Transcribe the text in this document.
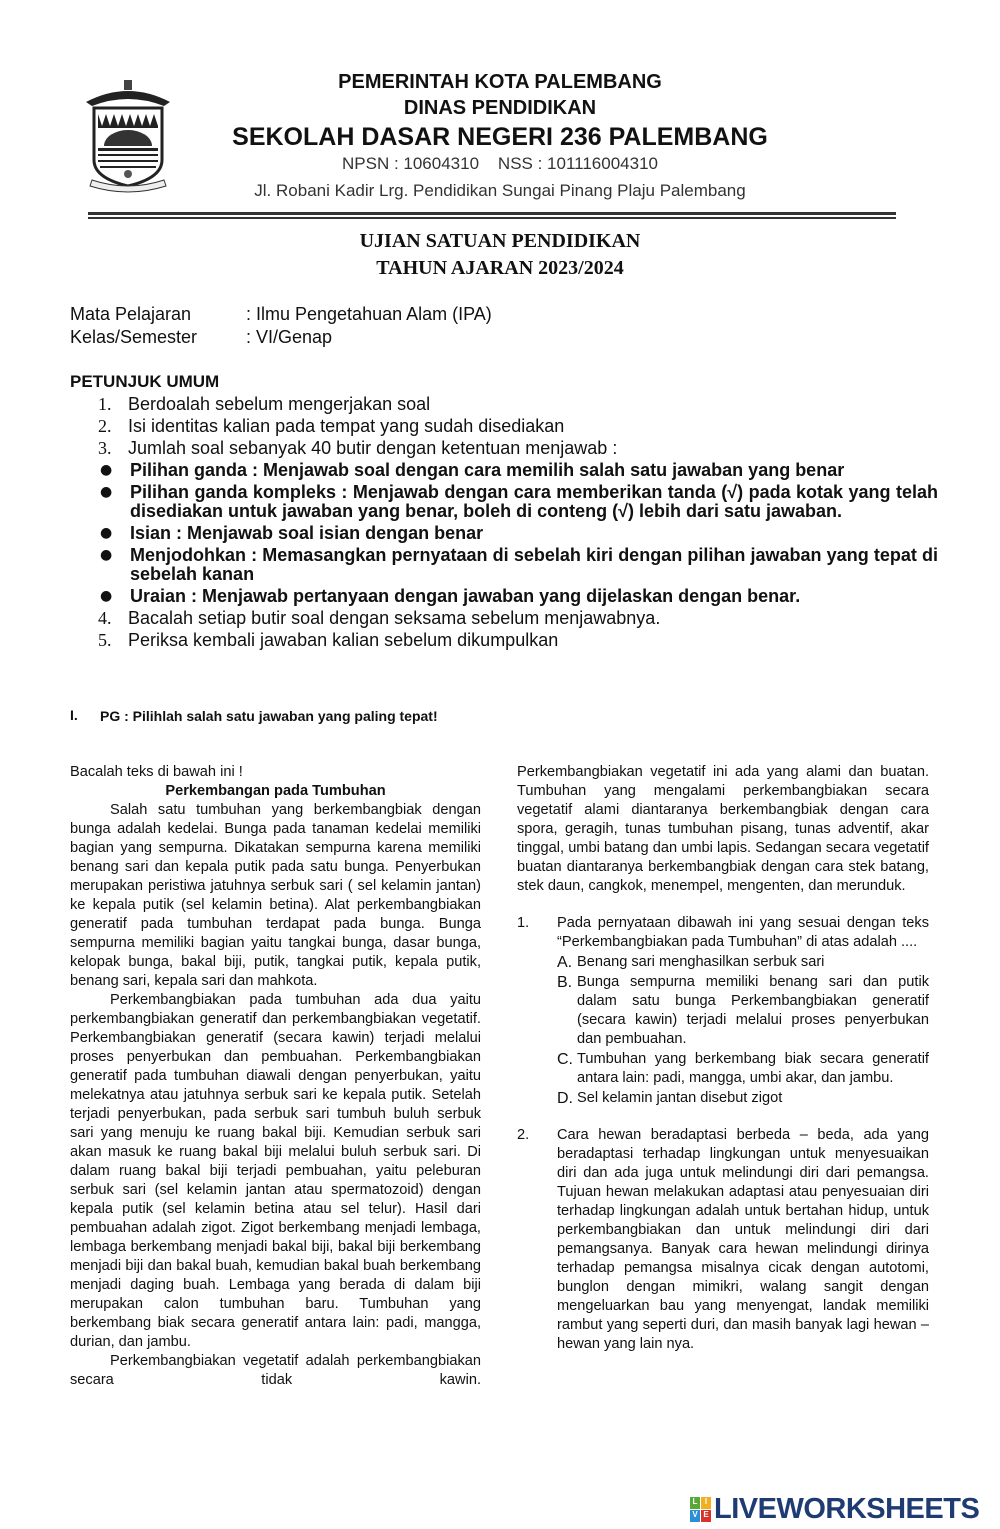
PEMERINTAH KOTA PALEMBANG
DINAS PENDIDIKAN
SEKOLAH DASAR NEGERI 236 PALEMBANG
NPSN : 10604310    NSS : 101116004310
Jl. Robani Kadir Lrg. Pendidikan Sungai Pinang Plaju Palembang
UJIAN SATUAN PENDIDIKAN
TAHUN AJARAN 2023/2024
Mata Pelajaran	: Ilmu Pengetahuan Alam (IPA)
Kelas/Semester	: VI/Genap
PETUNJUK UMUM
1. Berdoalah sebelum mengerjakan soal
2. Isi identitas kalian pada tempat yang sudah disediakan
3. Jumlah soal sebanyak 40 butir dengan ketentuan menjawab :
● Pilihan ganda : Menjawab soal dengan cara memilih salah satu jawaban yang benar
● Pilihan ganda kompleks : Menjawab dengan cara memberikan tanda (√) pada kotak yang telah disediakan untuk jawaban yang benar, boleh di conteng (√) lebih dari satu jawaban.
● Isian : Menjawab soal isian dengan benar
● Menjodohkan : Memasangkan pernyataan di sebelah kiri dengan pilihan jawaban yang tepat di sebelah kanan
● Uraian : Menjawab pertanyaan dengan jawaban yang dijelaskan dengan benar.
4. Bacalah setiap butir soal dengan seksama sebelum menjawabnya.
5. Periksa kembali jawaban kalian sebelum dikumpulkan
I.	PG : Pilihlah salah satu jawaban yang paling tepat!

Bacalah teks di bawah ini !

Perkembangan pada Tumbuhan

Salah satu tumbuhan yang berkembangbiak dengan bunga adalah kedelai. Bunga pada tanaman kedelai memiliki bagian yang sempurna. Dikatakan sempurna karena memiliki benang sari dan kepala putik pada satu bunga. Penyerbukan merupakan peristiwa jatuhnya serbuk sari ( sel kelamin jantan) ke kepala putik (sel kelamin betina). Alat perkembangbiakan generatif pada tumbuhan terdapat pada bunga. Bunga sempurna memiliki bagian yaitu tangkai bunga, dasar bunga, kelopak bunga, bakal biji, putik, tangkai putik, kepala putik, benang sari, kepala sari dan mahkota.

Perkembangbiakan pada tumbuhan ada dua yaitu perkembangbiakan generatif dan perkembangbiakan vegetatif. Perkembangbiakan generatif (secara kawin) terjadi melalui proses penyerbukan dan pembuahan. Perkembangbiakan generatif pada tumbuhan diawali dengan penyerbukan, yaitu melekatnya atau jatuhnya serbuk sari ke kepala putik. Setelah terjadi penyerbukan, pada serbuk sari tumbuh buluh serbuk sari yang menuju ke ruang bakal biji. Kemudian serbuk sari akan masuk ke ruang bakal biji melalui buluh serbuk sari. Di dalam ruang bakal biji terjadi pembuahan, yaitu peleburan serbuk sari (sel kelamin jantan atau spermatozoid) dengan kepala putik (sel kelamin betina atau sel telur). Hasil dari pembuahan adalah zigot. Zigot berkembang menjadi lembaga, lembaga berkembang menjadi bakal biji, bakal biji berkembang menjadi biji dan bakal buah, kemudian bakal buah berkembang menjadi daging buah. Lembaga yang berada di dalam biji merupakan calon tumbuhan baru. Tumbuhan yang berkembang biak secara generatif antara lain: padi, mangga, durian, dan jambu.

Perkembangbiakan vegetatif adalah perkembangbiakan secara tidak kawin.

Perkembangbiakan vegetatif ini ada yang alami dan buatan. Tumbuhan yang mengalami perkembangbiakan secara vegetatif alami diantaranya berkembangbiak dengan cara spora, geragih, tunas tumbuhan pisang, tunas adventif, akar tinggal, umbi batang dan umbi lapis. Sedangan secara vegetatif buatan diantaranya berkembangbiak dengan cara stek batang, stek daun, cangkok, menempel, mengenten, dan merunduk.

1.	Pada pernyataan dibawah ini yang sesuai dengan teks “Perkembangbiakan pada Tumbuhan” di atas adalah ....

A. Benang sari menghasilkan serbuk sari
B. Bunga sempurna memiliki benang sari dan putik dalam satu bunga Perkembangbiakan generatif (secara kawin) terjadi melalui proses penyerbukan dan pembuahan.
C. Tumbuhan yang berkembang biak secara generatif antara lain: padi, mangga, umbi akar, dan jambu.
D. Sel kelamin jantan disebut zigot
2.	Cara hewan beradaptasi berbeda – beda, ada yang beradaptasi terhadap lingkungan untuk menyesuaikan diri dan ada juga untuk melindungi diri dari pemangsa. Tujuan hewan melakukan adaptasi atau penyesuaian diri terhadap lingkungan adalah untuk bertahan hidup, untuk perkembangbiakan dan untuk melindungi diri dari pemangsanya. Banyak cara hewan melindungi dirinya terhadap pemangsa misalnya cicak dengan autotomi, bunglon dengan mimikri, walang sangit dengan mengeluarkan bau yang menyengat, landak memiliki rambut yang seperti duri, dan masih banyak lagi hewan – hewan yang lain nya.

L I
V E LIVEWORKSHEETS
